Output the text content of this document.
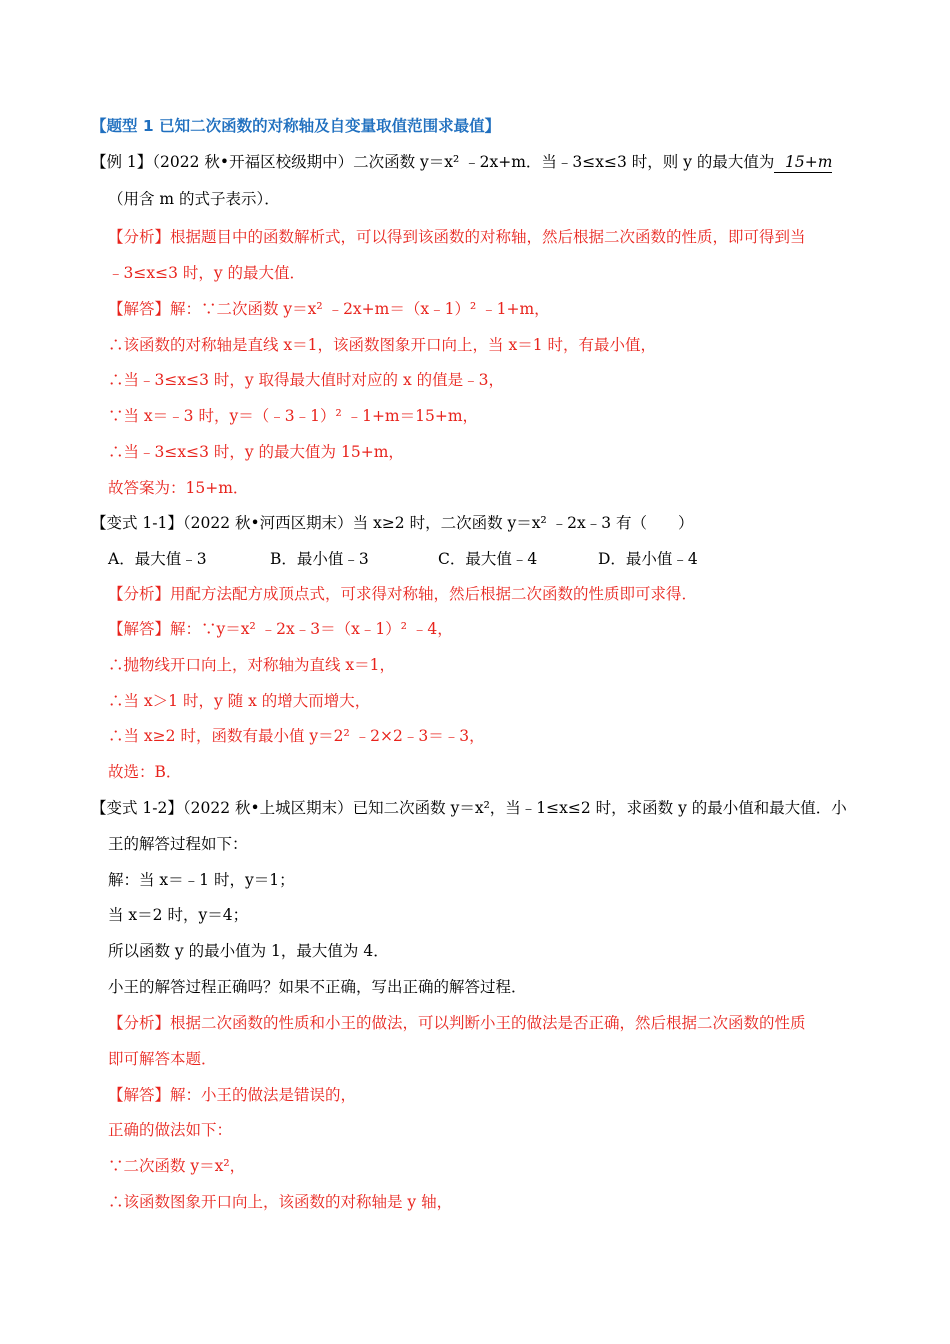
【题型 1 已知二次函数的对称轴及自变量取值范围求最值】
【例 1】（2022 秋•开福区校级期中）二次函数 y＝x² ﹣2x+m．当﹣3≤x≤3 时，则 y 的最大值为 15+m
（用含 m 的式子表示）．
【分析】根据题目中的函数解析式，可以得到该函数的对称轴，然后根据二次函数的性质，即可得到当
﹣3≤x≤3 时，y 的最大值．
【解答】解：∵二次函数 y＝x² ﹣2x+m＝（x﹣1）² ﹣1+m，
∴该函数的对称轴是直线 x＝1，该函数图象开口向上，当 x＝1 时，有最小值，
∴当﹣3≤x≤3 时，y 取得最大值时对应的 x 的值是﹣3，
∵当 x＝﹣3 时，y＝（﹣3﹣1）² ﹣1+m＝15+m，
∴当﹣3≤x≤3 时，y 的最大值为 15+m，
故答案为：15+m．
【变式 1-1】（2022 秋•河西区期末）当 x≥2 时，二次函数 y＝x² ﹣2x﹣3 有（　　）
A．最大值﹣3	B．最小值﹣3	C．最大值﹣4	D．最小值﹣4
【分析】用配方法配方成顶点式，可求得对称轴，然后根据二次函数的性质即可求得．
【解答】解：∵y＝x² ﹣2x﹣3＝（x﹣1）² ﹣4，
∴抛物线开口向上，对称轴为直线 x＝1，
∴当 x＞1 时，y 随 x 的增大而增大，
∴当 x≥2 时，函数有最小值 y＝2² ﹣2×2﹣3＝﹣3，
故选：B．
【变式 1-2】（2022 秋•上城区期末）已知二次函数 y＝x²，当﹣1≤x≤2 时，求函数 y 的最小值和最大值．小
王的解答过程如下：
解：当 x＝﹣1 时，y＝1；
当 x＝2 时，y＝4；
所以函数 y 的最小值为 1，最大值为 4．
小王的解答过程正确吗？如果不正确，写出正确的解答过程．
【分析】根据二次函数的性质和小王的做法，可以判断小王的做法是否正确，然后根据二次函数的性质
即可解答本题．
【解答】解：小王的做法是错误的，
正确的做法如下：
∵二次函数 y＝x²，
∴该函数图象开口向上，该函数的对称轴是 y 轴，
